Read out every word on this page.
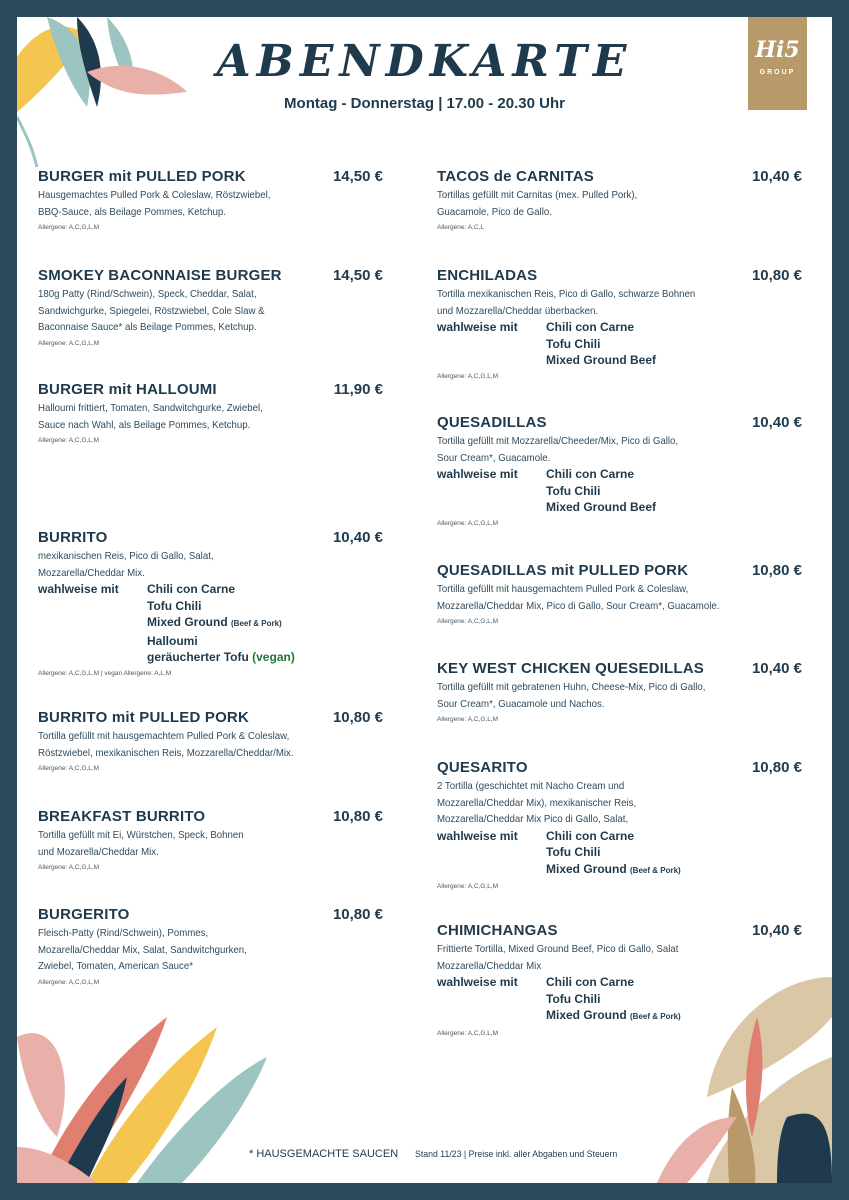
ABENDKARTE
Montag - Donnerstag | 17.00 - 20.30 Uhr
Hi5
GROUP
BURGER mit PULLED PORK	14,50 €
Hausgemachtes Pulled Pork & Coleslaw, Röstzwiebel,
BBQ-Sauce, als Beilage Pommes, Ketchup.
Allergene: A,C,G,L,M
SMOKEY BACONNAISE BURGER	14,50 €
180g Patty (Rind/Schwein), Speck, Cheddar, Salat,
Sandwichgurke, Spiegelei, Röstzwiebel, Cole Slaw &
Baconnaise Sauce* als Beilage Pommes, Ketchup.
Allergene: A,C,G,L,M
BURGER mit HALLOUMI	11,90 €
Halloumi frittiert, Tomaten, Sandwitchgurke, Zwiebel,
Sauce nach Wahl, als Beilage Pommes, Ketchup.
Allergene: A,C,G,L,M
BURRITO	10,40 €
mexikanischen Reis, Pico di Gallo, Salat,
Mozzarella/Cheddar Mix.
wahlweise mit	Chili con Carne
Tofu Chili
Mixed Ground (Beef & Pork)
Halloumi
geräucherter Tofu (vegan)
Allergene: A,C,G,L,M | vegan Allergene: A,L,M
BURRITO mit PULLED PORK	10,80 €
Tortilla gefüllt mit hausgemachtem Pulled Pork & Coleslaw,
Röstzwiebel, mexikanischen Reis, Mozzarella/Cheddar/Mix.
Allergene: A,C,G,L,M
BREAKFAST BURRITO	10,80 €
Tortilla gefüllt mit Ei, Würstchen, Speck, Bohnen
und Mozarella/Cheddar Mix.
Allergene: A,C,G,L,M
BURGERITO	10,80 €
Fleisch-Patty (Rind/Schwein), Pommes,
Mozarella/Cheddar Mix, Salat, Sandwitchgurken,
Zwiebel, Tomaten, American Sauce*
Allergene: A,C,G,L,M
TACOS de CARNITAS	10,40 €
Tortillas gefüllt mit Carnitas (mex. Pulled Pork),
Guacamole, Pico de Gallo.
Allergene: A,C,L
ENCHILADAS	10,80 €
Tortilla mexikanischen Reis, Pico di Gallo, schwarze Bohnen
und Mozzarella/Cheddar überbacken.
wahlweise mit	Chili con Carne
Tofu Chili
Mixed Ground Beef
Allergene: A,C,G,L,M
QUESADILLAS	10,40 €
Tortilla gefüllt mit Mozzarella/Cheeder/Mix, Pico di Gallo,
Sour Cream*, Guacamole.
wahlweise mit	Chili con Carne
Tofu Chili
Mixed Ground Beef
Allergene: A,C,G,L,M
QUESADILLAS mit PULLED PORK	10,80 €
Tortilla gefüllt mit hausgemachtem Pulled Pork & Coleslaw,
Mozzarella/Cheddar Mix, Pico di Gallo, Sour Cream*, Guacamole.
Allergene: A,C,G,L,M
KEY WEST CHICKEN QUESEDILLAS	10,40 €
Tortilla gefüllt mit gebratenen Huhn, Cheese-Mix, Pico di Gallo,
Sour Cream*, Guacamole und Nachos.
Allergene: A,C,G,L,M
QUESARITO	10,80 €
2 Tortilla (geschichtet mit Nacho Cream und
Mozzarella/Cheddar Mix), mexikanischer Reis,
Mozzarella/Cheddar Mix Pico di Gallo, Salat,
wahlweise mit	Chili con Carne
Tofu Chili
Mixed Ground (Beef & Pork)
Allergene: A,C,G,L,M
CHIMICHANGAS	10,40 €
Frittierte Tortilla, Mixed Ground Beef, Pico di Gallo, Salat
Mozzarella/Cheddar Mix
wahlweise mit	Chili con Carne
Tofu Chili
Mixed Ground (Beef & Pork)
Allergene: A,C,G,L,M
* HAUSGEMACHTE SAUCEN Stand 11/23 | Preise inkl. aller Abgaben und Steuern
